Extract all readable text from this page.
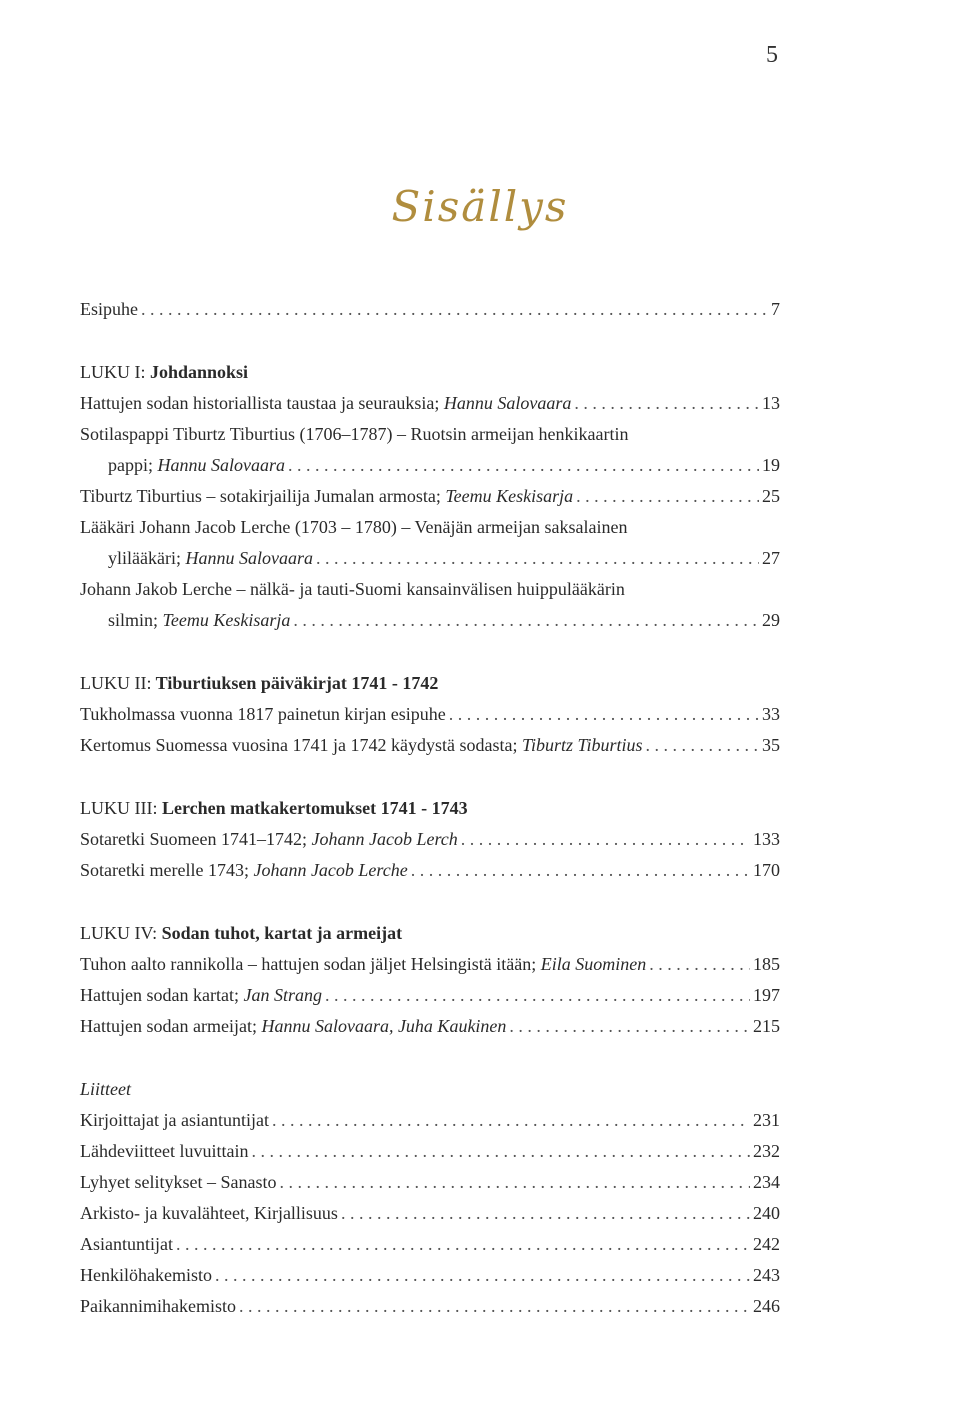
5
Sisällys
Esipuhe . . .	7
LUKU I: Johdannoksi
Hattujen sodan historiallista taustaa ja seurauksia; Hannu Salovaara . . .	13
Sotilaspappi Tiburtz Tiburtius (1706–1787) – Ruotsin armeijan henkikaartin
pappi; Hannu Salovaara . . .	19
Tiburtz Tiburtius – sotakirjailija Jumalan armosta; Teemu Keskisarja . . .	25
Lääkäri Johann Jacob Lerche (1703 – 1780) – Venäjän armeijan saksalainen
ylilääkäri; Hannu Salovaara . . .	27
Johann Jakob Lerche – nälkä- ja tauti-Suomi kansainvälisen huippulääkärin
silmin; Teemu Keskisarja . . .	29
LUKU II: Tiburtiuksen päiväkirjat 1741 - 1742
Tukholmassa vuonna 1817 painetun kirjan esipuhe . . .	33
Kertomus Suomessa vuosina 1741 ja 1742 käydystä sodasta; Tiburtz Tiburtius . . .	35
LUKU III: Lerchen matkakertomukset 1741 - 1743
Sotaretki Suomeen 1741–1742; Johann Jacob Lerch . . .	133
Sotaretki merelle 1743; Johann Jacob Lerche . . .	170
LUKU IV: Sodan tuhot, kartat ja armeijat
Tuhon aalto rannikolla – hattujen sodan jäljet Helsingistä itään; Eila Suominen . . .	185
Hattujen sodan kartat; Jan Strang . . .	197
Hattujen sodan armeijat; Hannu Salovaara, Juha Kaukinen . . .	215
Liitteet
Kirjoittajat ja asiantuntijat . . .	231
Lähdeviitteet luvuittain . . .	232
Lyhyet selitykset – Sanasto . . .	234
Arkisto- ja kuvalähteet, Kirjallisuus . . .	240
Asiantuntijat . . .	242
Henkilöhakemisto . . .	243
Paikannimihakemisto . . .	246
